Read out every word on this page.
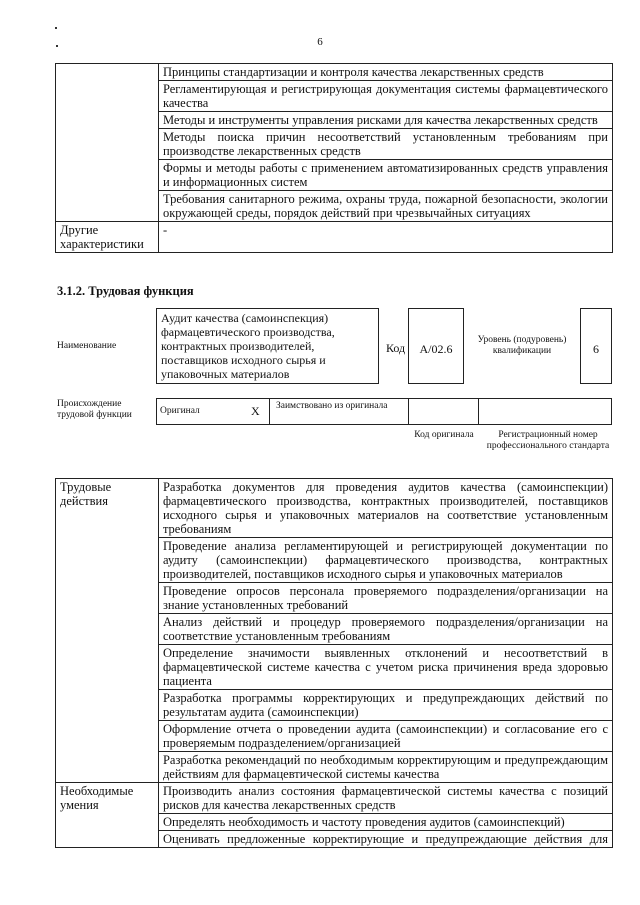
6
	Принципы стандартизации и контроля качества лекарственных средств
	Регламентирующая и регистрирующая документация системы фармацевтического качества
	Методы и инструменты управления рисками для качества лекарственных средств
	Методы поиска причин несоответствий установленным требованиям при производстве лекарственных средств
	Формы и методы работы с применением автоматизированных средств управления и информационных систем
	Требования санитарного режима, охраны труда, пожарной безопасности, экологии окружающей среды, порядок действий при чрезвычайных ситуациях
Другие характеристики	-
3.1.2. Трудовая функция
Наименование
Аудит качества (самоинспекция) фармацевтического производства, контрактных производителей, поставщиков исходного сырья и упаковочных материалов
Код	A/02.6
Уровень (подуровень) квалификации	6
Происхождение трудовой функции	Оригинал	X Заимствовано из оригинала
Код оригинала	Регистрационный номер профессионального стандарта
Трудовые действия	Разработка документов для проведения аудитов качества (самоинспекции) фармацевтического производства, контрактных производителей, поставщиков исходного сырья и упаковочных материалов на соответствие установленным требованиям
	Проведение анализа регламентирующей и регистрирующей документации по аудиту (самоинспекции) фармацевтического производства, контрактных производителей, поставщиков исходного сырья и упаковочных материалов
	Проведение опросов персонала проверяемого подразделения/организации на знание установленных требований
	Анализ действий и процедур проверяемого подразделения/организации на соответствие установленным требованиям
	Определение значимости выявленных отклонений и несоответствий в фармацевтической системе качества с учетом риска причинения вреда здоровью пациента
	Разработка программы корректирующих и предупреждающих действий по результатам аудита (самоинспекции)
	Оформление отчета о проведении аудита (самоинспекции) и согласование его с проверяемым подразделением/организацией
	Разработка рекомендаций по необходимым корректирующим и предупреждающим действиям для фармацевтической системы качества
Необходимые умения	Производить анализ состояния фармацевтической системы качества с позиций рисков для качества лекарственных средств
	Определять необходимость и частоту проведения аудитов (самоинспекций)
	Оценивать предложенные корректирующие и предупреждающие действия для
